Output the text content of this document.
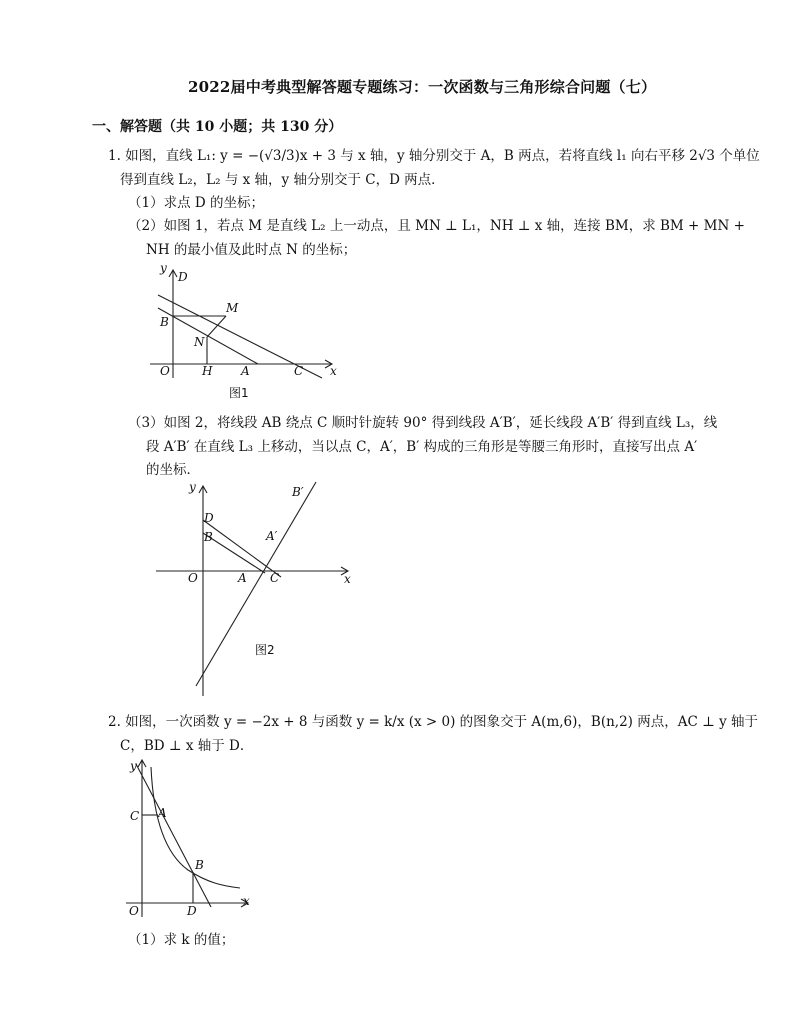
2022届中考典型解答题专题练习：一次函数与三角形综合问题（七）
一、解答题（共 10 小题；共 130 分）
1. 如图，直线 L₁: y = −(√3/3)x + 3 与 x 轴，y 轴分别交于 A，B 两点，若将直线 l₁ 向右平移 2√3 个单位
得到直线 L₂，L₂ 与 x 轴，y 轴分别交于 C，D 两点．
（1）求点 D 的坐标；
（2）如图 1，若点 M 是直线 L₂ 上一动点，且 MN ⊥ L₁，NH ⊥ x 轴，连接 BM，求 BM + MN +
NH 的最小值及此时点 N 的坐标；
y
D
B
M
N
O	H A	C x
图1
（3）如图 2，将线段 AB 绕点 C 顺时针旋转 90° 得到线段 A′B′，延长线段 A′B′ 得到直线 L₃，线
段 A′B′ 在直线 L₃ 上移动，当以点 C，A′，B′ 构成的三角形是等腰三角形时，直接写出点 A′
的坐标．
y
D
B
B′
A′
O	A C	x
图2
2. 如图，一次函数 y = −2x + 8 与函数 y = k/x (x > 0) 的图象交于 A(m,6)，B(n,2) 两点，AC ⊥ y 轴于
C，BD ⊥ x 轴于 D．
y
C A
B
O	D
x
（1）求 k 的值；
